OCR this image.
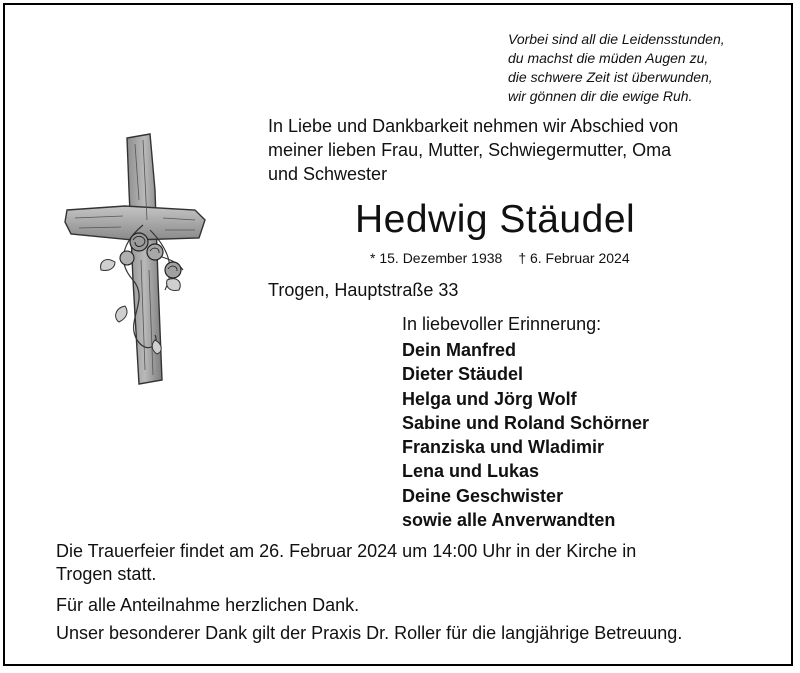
Vorbei sind all die Leidensstunden,
du machst die müden Augen zu,
die schwere Zeit ist überwunden,
wir gönnen dir die ewige Ruh.
In Liebe und Dankbarkeit nehmen wir Abschied von
meiner lieben Frau, Mutter, Schwiegermutter, Oma
und Schwester
Hedwig Stäudel
* 15. Dezember 1938 † 6. Februar 2024
Trogen, Hauptstraße 33
In liebevoller Erinnerung:
Dein Manfred
Dieter Stäudel
Helga und Jörg Wolf
Sabine und Roland Schörner
Franziska und Wladimir
Lena und Lukas
Deine Geschwister
sowie alle Anverwandten
Die Trauerfeier findet am 26. Februar 2024 um 14:00 Uhr in der Kirche in
Trogen statt.
Für alle Anteilnahme herzlichen Dank.
Unser besonderer Dank gilt der Praxis Dr. Roller für die langjährige Betreuung.
